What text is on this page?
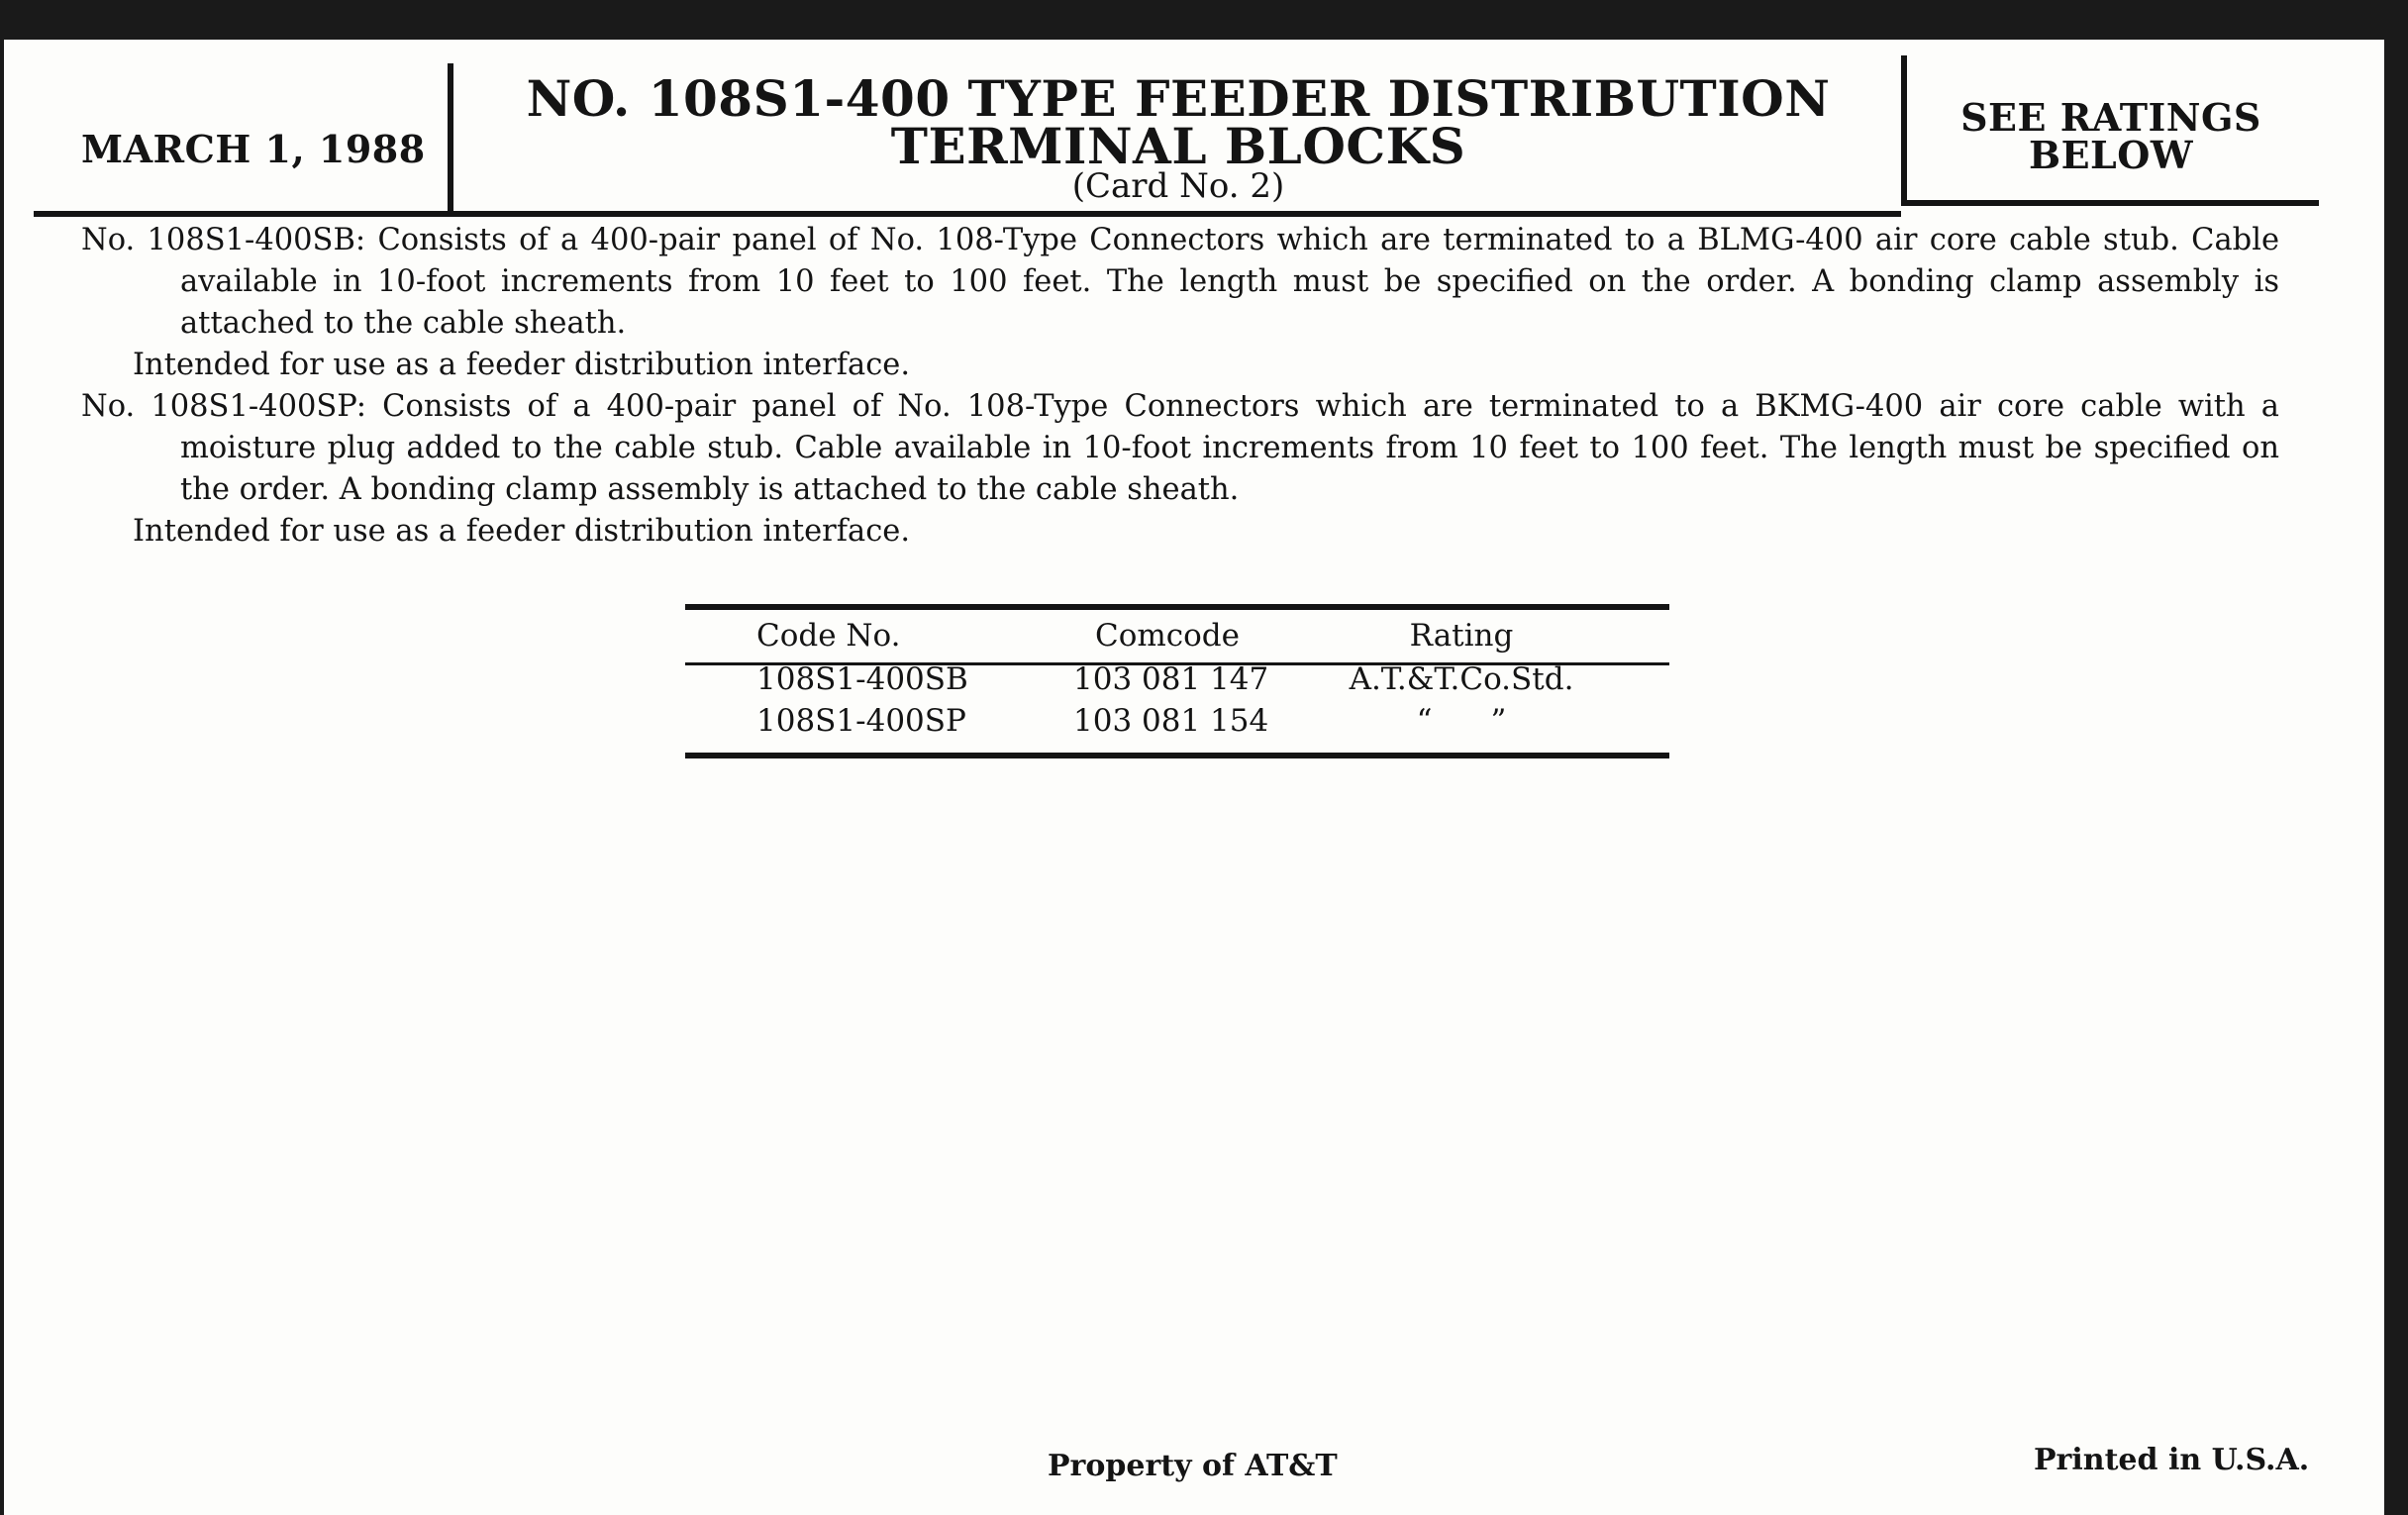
MARCH 1, 1988
NO. 108S1-400 TYPE FEEDER DISTRIBUTION
TERMINAL BLOCKS
(Card No. 2)
SEE RATINGS
BELOW

No. 108S1-400SB: Consists of a 400-pair panel of No. 108-Type Connectors which are terminated to a BLMG-400 air core cable stub. Cable available in 10-foot increments from 10 feet to 100 feet. The length must be specified on the order. A bonding clamp assembly is attached to the cable sheath.

Intended for use as a feeder distribution interface.

No. 108S1-400SP: Consists of a 400-pair panel of No. 108-Type Connectors which are terminated to a BKMG-400 air core cable with a moisture plug added to the cable stub. Cable available in 10-foot increments from 10 feet to 100 feet. The length must be specified on the order. A bonding clamp assembly is attached to the cable sheath.

Intended for use as a feeder distribution interface.

Code No.	Comcode	Rating
108S1-400SB	103 081 147	A.T.&T.Co.Std.
108S1-400SP	103 081 154	“      ”
Property of AT&T	Printed in U.S.A.
